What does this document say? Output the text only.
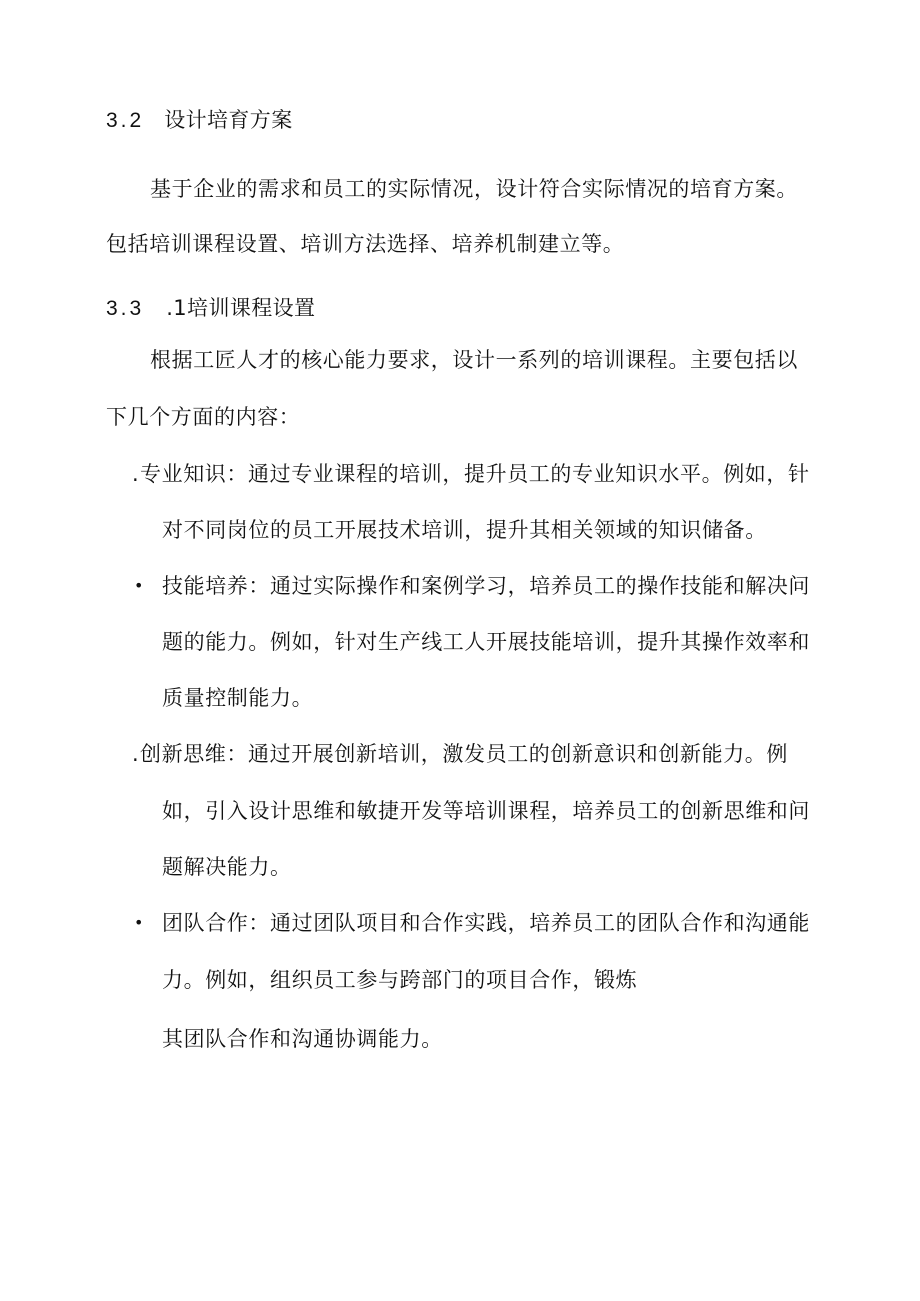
3.2 设计培育方案
基于企业的需求和员工的实际情况，设计符合实际情况的培育方案。
包括培训课程设置、培训方法选择、培养机制建立等。
3.3 .1培训课程设置
根据工匠人才的核心能力要求，设计一系列的培训课程。主要包括以
下几个方面的内容：
. 专业知识：通过专业课程的培训，提升员工的专业知识水平。例如，针
对不同岗位的员工开展技术培训，提升其相关领域的知识储备。
• 技能培养：通过实际操作和案例学习，培养员工的操作技能和解决问
题的能力。例如，针对生产线工人开展技能培训，提升其操作效率和
质量控制能力。
. 创新思维：通过开展创新培训，激发员工的创新意识和创新能力。例
如，引入设计思维和敏捷开发等培训课程，培养员工的创新思维和问
题解决能力。
• 团队合作：通过团队项目和合作实践，培养员工的团队合作和沟通能
力。例如，组织员工参与跨部门的项目合作，锻炼
其团队合作和沟通协调能力。
